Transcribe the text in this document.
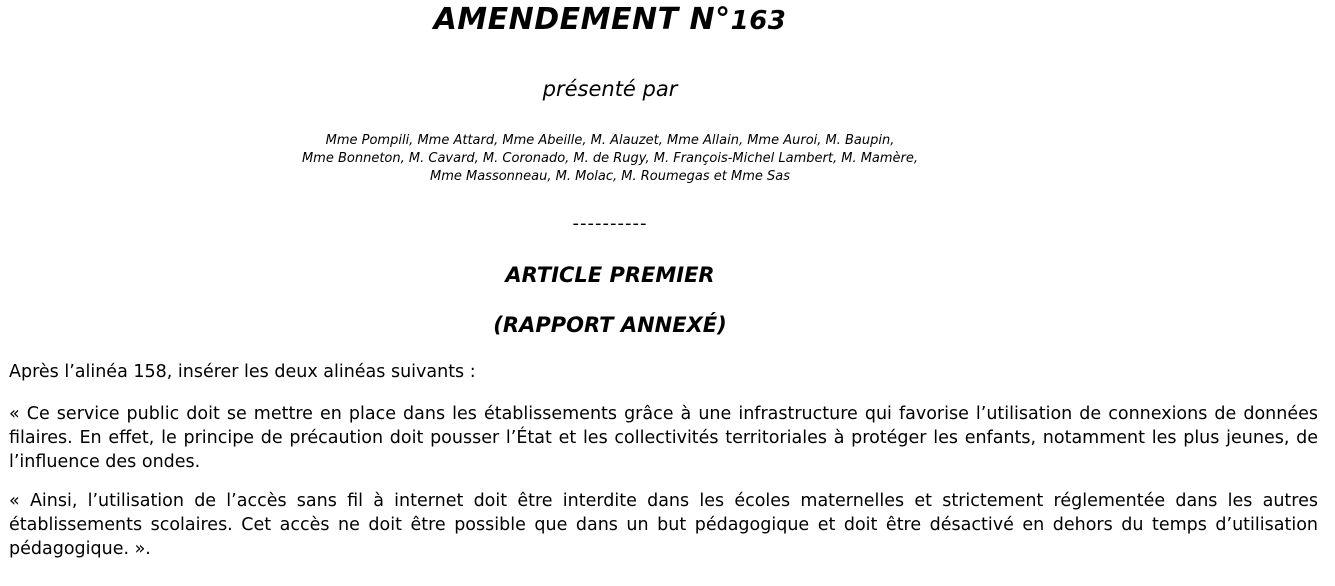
AMENDEMENT N°163
présenté par
Mme Pompili, Mme Attard, Mme Abeille, M. Alauzet, Mme Allain, Mme Auroi, M. Baupin,
Mme Bonneton, M. Cavard, M. Coronado, M. de Rugy, M. François-Michel Lambert, M. Mamère,
Mme Massonneau, M. Molac, M. Roumegas et Mme Sas
----------
ARTICLE PREMIER
(RAPPORT ANNEXÉ)

Après l’alinéa 158, insérer les deux alinéas suivants :

« Ce service public doit se mettre en place dans les établissements grâce à une infrastructure qui favorise l’utilisation de connexions de données filaires. En effet, le principe de précaution doit pousser l’État et les collectivités territoriales à protéger les enfants, notamment les plus jeunes, de l’influence des ondes.

« Ainsi, l’utilisation de l’accès sans fil à internet doit être interdite dans les écoles maternelles et strictement réglementée dans les autres établissements scolaires. Cet accès ne doit être possible que dans un but pédagogique et doit être désactivé en dehors du temps d’utilisation pédagogique. ».
